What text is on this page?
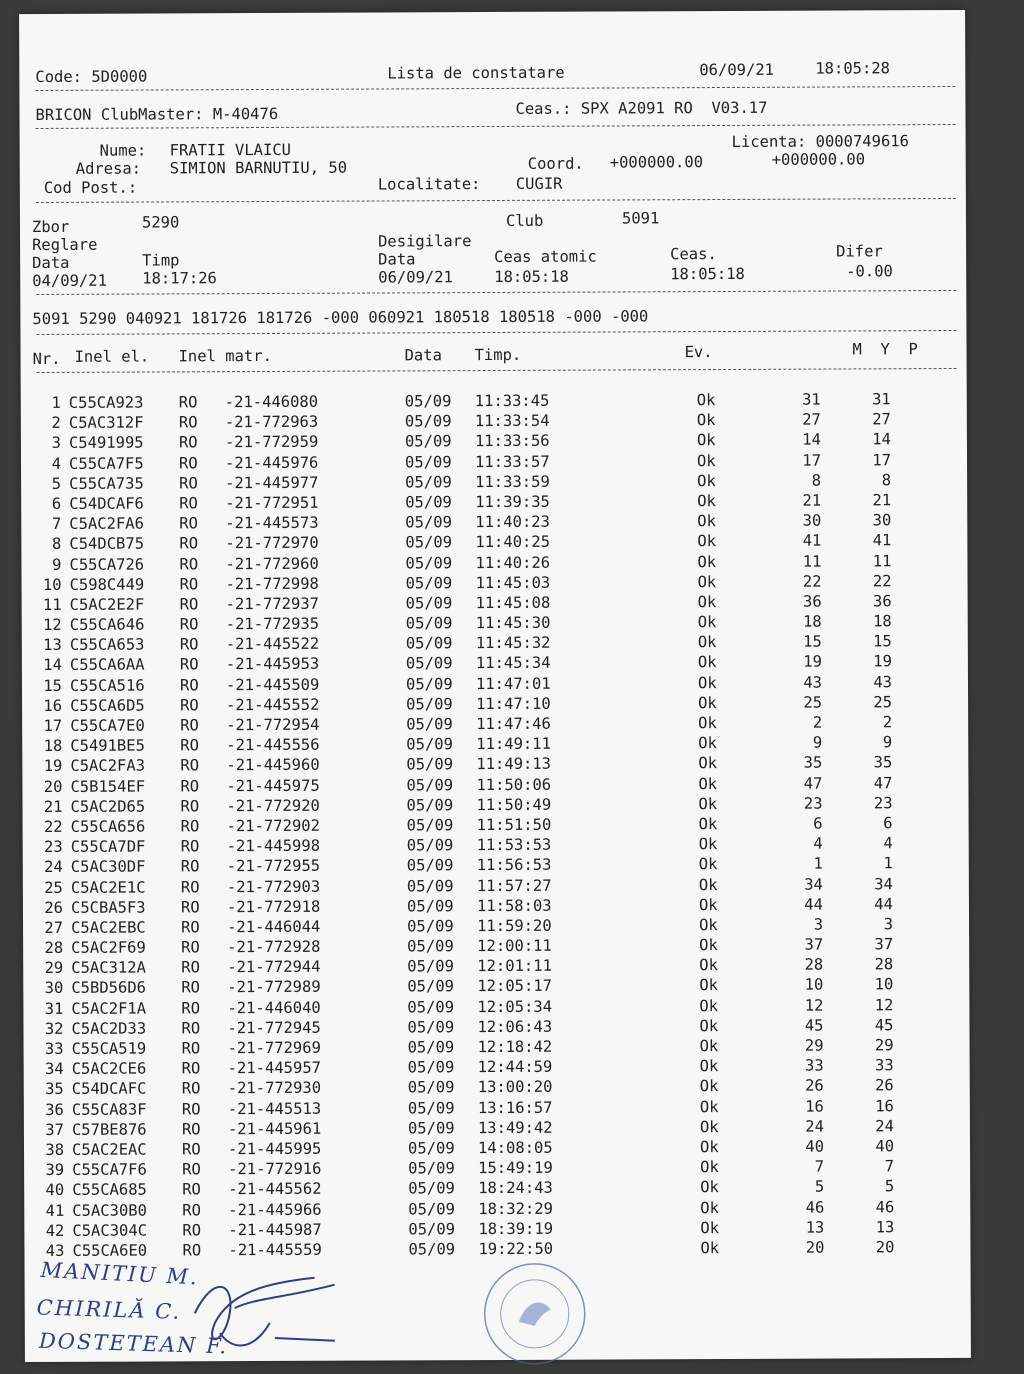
Code: 5D0000	Lista de constatare	06/09/21	18:05:28
BRICON ClubMaster: M-40476	Ceas.: SPX A2091 RO  V03.17
Nume: FRATII VLAICU	Licenta: 0000749616
Adresa: SIMION BARNUTIU, 50	Coord. +000000.00	+000000.00
Cod Post.:	Localitate: CUGIR
Zbor	5290	Club	5091
Reglare	Desigilare
Data	Timp	Data	Ceas atomic	Ceas.	Difer
04/09/21 18:17:26	06/09/21	18:05:18	18:05:18	-0.00
5091 5290 040921 181726 181726 -000 060921 180518 180518 -000 -000
Nr. Inel el. Inel matr.	Data Timp.	Ev.	M  Y  P
1 C55CA923 RO -21-446080	05/09 11:33:45	Ok	31	31
2 C5AC312F RO -21-772963	05/09 11:33:54	Ok	27	27
3 C5491995 RO -21-772959	05/09 11:33:56	Ok	14	14
4 C55CA7F5 RO -21-445976	05/09 11:33:57	Ok	17	17
5 C55CA735 RO -21-445977	05/09 11:33:59	Ok	8	8
6 C54DCAF6 RO -21-772951	05/09 11:39:35	Ok	21	21
7 C5AC2FA6 RO -21-445573	05/09 11:40:23	Ok	30	30
8 C54DCB75 RO -21-772970	05/09 11:40:25	Ok	41	41
9 C55CA726 RO -21-772960	05/09 11:40:26	Ok	11	11
10 C598C449 RO -21-772998	05/09 11:45:03	Ok	22	22
11 C5AC2E2F RO -21-772937	05/09 11:45:08	Ok	36	36
12 C55CA646 RO -21-772935	05/09 11:45:30	Ok	18	18
13 C55CA653 RO -21-445522	05/09 11:45:32	Ok	15	15
14 C55CA6AA RO -21-445953	05/09 11:45:34	Ok	19	19
15 C55CA516 RO -21-445509	05/09 11:47:01	Ok	43	43
16 C55CA6D5 RO -21-445552	05/09 11:47:10	Ok	25	25
17 C55CA7E0 RO -21-772954	05/09 11:47:46	Ok	2	2
18 C5491BE5 RO -21-445556	05/09 11:49:11	Ok	9	9
19 C5AC2FA3 RO -21-445960	05/09 11:49:13	Ok	35	35
20 C5B154EF RO -21-445975	05/09 11:50:06	Ok	47	47
21 C5AC2D65 RO -21-772920	05/09 11:50:49	Ok	23	23
22 C55CA656 RO -21-772902	05/09 11:51:50	Ok	6	6
23 C55CA7DF RO -21-445998	05/09 11:53:53	Ok	4	4
24 C5AC30DF RO -21-772955	05/09 11:56:53	Ok	1	1
25 C5AC2E1C RO -21-772903	05/09 11:57:27	Ok	34	34
26 C5CBA5F3 RO -21-772918	05/09 11:58:03	Ok	44	44
27 C5AC2EBC RO -21-446044	05/09 11:59:20	Ok	3	3
28 C5AC2F69 RO -21-772928	05/09 12:00:11	Ok	37	37
29 C5AC312A RO -21-772944	05/09 12:01:11	Ok	28	28
30 C5BD56D6 RO -21-772989	05/09 12:05:17	Ok	10	10
31 C5AC2F1A RO -21-446040	05/09 12:05:34	Ok	12	12
32 C5AC2D33 RO -21-772945	05/09 12:06:43	Ok	45	45
33 C55CA519 RO -21-772969	05/09 12:18:42	Ok	29	29
34 C5AC2CE6 RO -21-445957	05/09 12:44:59	Ok	33	33
35 C54DCAFC RO -21-772930	05/09 13:00:20	Ok	26	26
36 C55CA83F RO -21-445513	05/09 13:16:57	Ok	16	16
37 C57BE876 RO -21-445961	05/09 13:49:42	Ok	24	24
38 C5AC2EAC RO -21-445995	05/09 14:08:05	Ok	40	40
39 C55CA7F6 RO -21-772916	05/09 15:49:19	Ok	7	7
40 C55CA685 RO -21-445562	05/09 18:24:43	Ok	5	5
41 C5AC30B0 RO -21-445966	05/09 18:32:29	Ok	46	46
42 C5AC304C RO -21-445987	05/09 18:39:19	Ok	13	13
43 C55CA6E0 RO -21-445559	05/09 19:22:50	Ok	20	20
MANITIU M.
CHIRILĂ C.
DOSTETEAN F.
